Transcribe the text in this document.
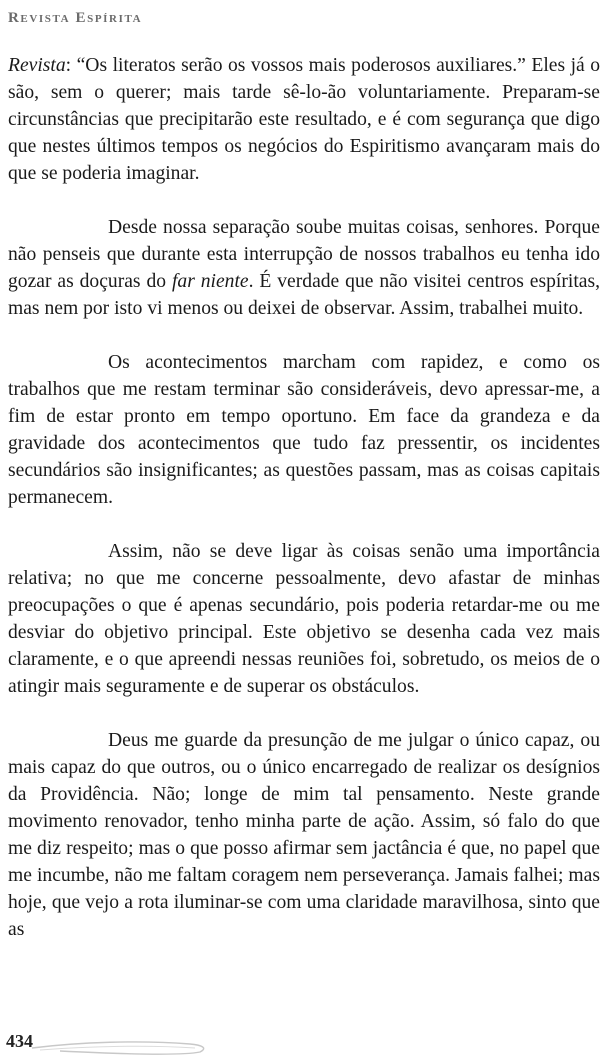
Revista Espírita

Revista: “Os literatos serão os vossos mais poderosos auxiliares.” Eles já o são, sem o querer; mais tarde sê-lo-ão voluntariamente. Preparam-se circunstâncias que precipitarão este resultado, e é com segurança que digo que nestes últimos tempos os negócios do Espiritismo avançaram mais do que se poderia imaginar.

Desde nossa separação soube muitas coisas, senhores. Porque não penseis que durante esta interrupção de nossos trabalhos eu tenha ido gozar as doçuras do far niente. É verdade que não visitei centros espíritas, mas nem por isto vi menos ou deixei de observar. Assim, trabalhei muito.

Os acontecimentos marcham com rapidez, e como os trabalhos que me restam terminar são consideráveis, devo apressar-me, a fim de estar pronto em tempo oportuno. Em face da grandeza e da gravidade dos acontecimentos que tudo faz pressentir, os incidentes secundários são insignificantes; as questões passam, mas as coisas capitais permanecem.

Assim, não se deve ligar às coisas senão uma importância relativa; no que me concerne pessoalmente, devo afastar de minhas preocupações o que é apenas secundário, pois poderia retardar-me ou me desviar do objetivo principal. Este objetivo se desenha cada vez mais claramente, e o que apreendi nessas reuniões foi, sobretudo, os meios de o atingir mais seguramente e de superar os obstáculos.

Deus me guarde da presunção de me julgar o único capaz, ou mais capaz do que outros, ou o único encarregado de realizar os desígnios da Providência. Não; longe de mim tal pensamento. Neste grande movimento renovador, tenho minha parte de ação. Assim, só falo do que me diz respeito; mas o que posso afirmar sem jactância é que, no papel que me incumbe, não me faltam coragem nem perseverança. Jamais falhei; mas hoje, que vejo a rota iluminar-se com uma claridade maravilhosa, sinto que as

434
